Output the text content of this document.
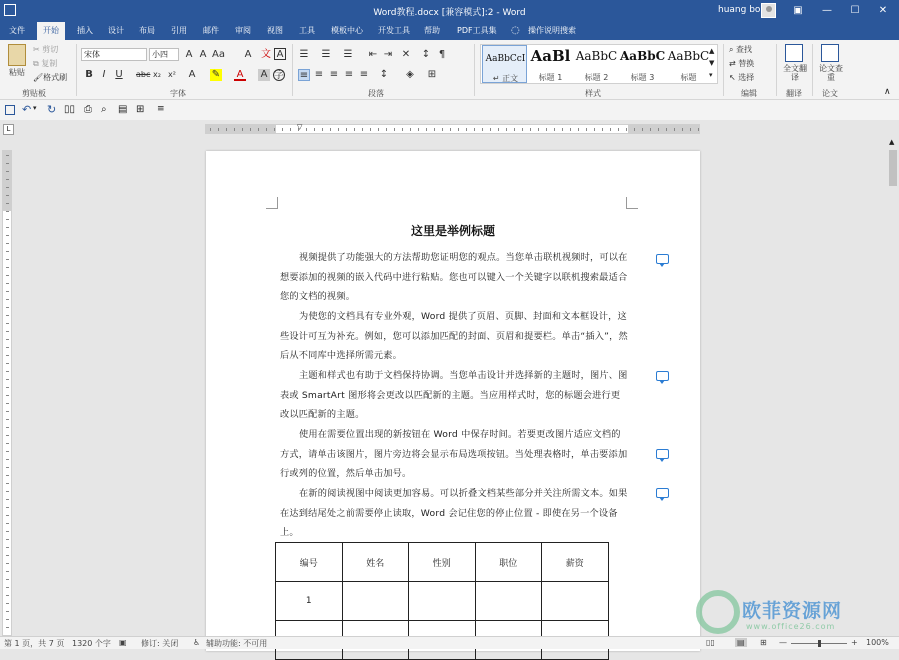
Word教程.docx [兼容模式]:2 - Word	huang bo	▣ — ☐ ✕
文件	开始	插入 设计 布局 引用 邮件 审阅 视图 工具 模板中心 开发工具 帮助 PDF工具集 ◌ 操作说明搜索
粘贴
✂ 剪切
⧉ 复制
🖌格式刷
剪贴板
宋体	小四	A A Aa A 文 A
B I U abc x₂ x² A ✎ A A 字
字体
☰ ☰ ☰ ⇤ ⇥ ✕ ↕ ¶
≡ ≡ ≡ ≡ ≡ ↕ ◈ ⊞
段落
AaBbCcI
↵ 正文
AaBl
标题 1
AaBbC
标题 2
AaBbC
标题 3
AaBbC
标题
▲
▼
▾
样式
⌕ 查找
⇄ 替换
↖ 选择
编辑
全文翻译
翻译
论文查重
论文	∧
↶ ▾ ↻ ▯▯ ⎙ ⌕ ▤ ⊞ ≡
L	▽
这里是举例标题
视频提供了功能强大的方法帮助您证明您的观点。当您单击联机视频时，可以在想要添加的视频的嵌入代码中进行粘贴。您也可以键入一个关键字以联机搜索最适合您的文档的视频。
为使您的文档具有专业外观，Word 提供了页眉、页脚、封面和文本框设计，这些设计可互为补充。例如，您可以添加匹配的封面、页眉和提要栏。单击“插入”，然后从不同库中选择所需元素。
主题和样式也有助于文档保持协调。当您单击设计并选择新的主题时，图片、图表或 SmartArt 图形将会更改以匹配新的主题。当应用样式时，您的标题会进行更改以匹配新的主题。
使用在需要位置出现的新按钮在 Word 中保存时间。若要更改图片适应文档的方式，请单击该图片，图片旁边将会显示布局选项按钮。当处理表格时，单击要添加行或列的位置，然后单击加号。
在新的阅读视图中阅读更加容易。可以折叠文档某些部分并关注所需文本。如果在达到结尾处之前需要停止读取，Word 会记住您的停止位置 - 即使在另一个设备上。
编号	姓名	性别	职位	薪资
1				
					欧菲资源网
www.office26.com
▲
第 1 页，共 7 页 1320 个字 ▣ 修订: 关闭 ♿ 辅助功能: 不可用	▯▯	▤ ⊞ —	+ 100%
